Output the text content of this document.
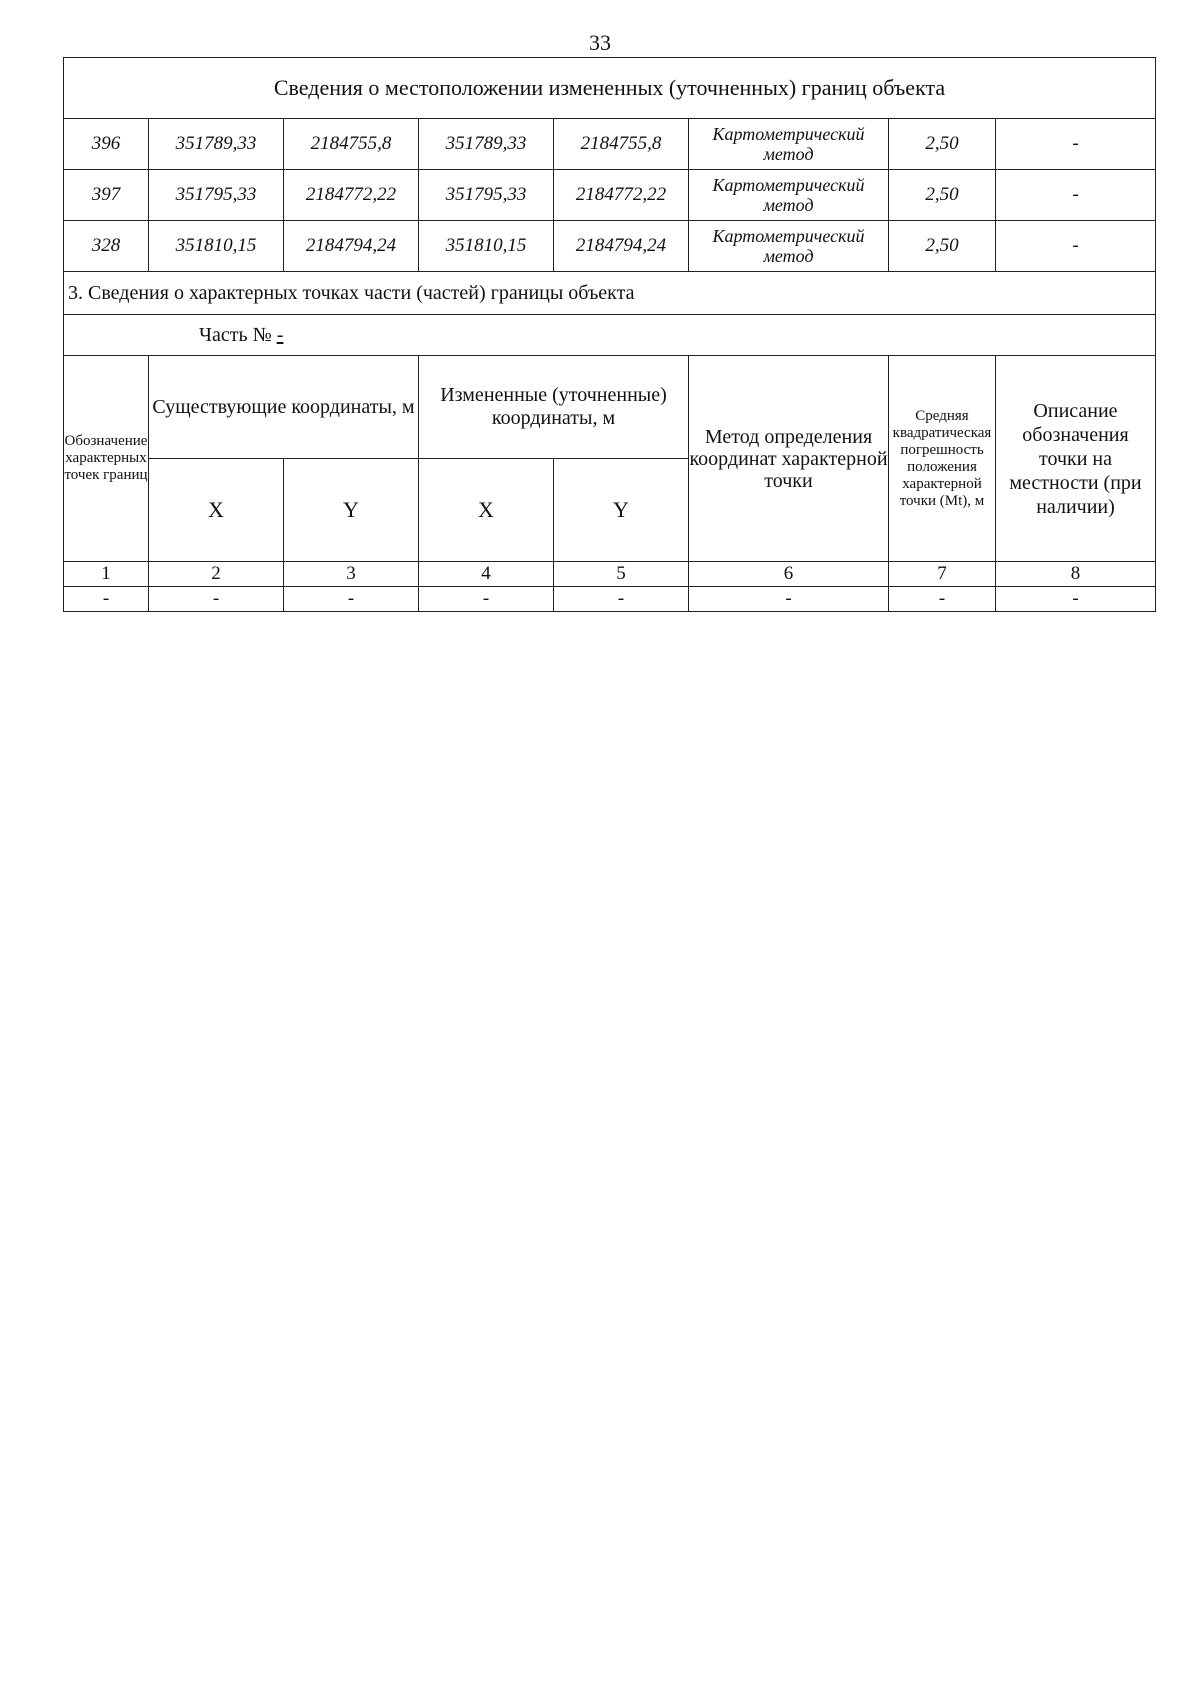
33
Сведения о местоположении измененных (уточненных) границ объекта							
396	351789,33	2184755,8	351789,33	2184755,8	Картометрический метод	2,50	-
397	351795,33	2184772,22	351795,33	2184772,22	Картометрический метод	2,50	-
328	351810,15	2184794,24	351810,15	2184794,24	Картометрический метод	2,50	-
3. Сведения о характерных точках части (частей) границы объекта							
Часть № -							
Обозначение характерных точек границ	Существующие координаты, м		Измененные (уточненные) координаты, м		Метод определения координат характерной точки	Средняя квадратическая погрешность положения характерной точки (Mt), м	Описание обозначения точки на местности (при наличии)
	X	Y	X	Y			
1	2	3	4	5	6	7	8
-	-	-	-	-	-	-	-
